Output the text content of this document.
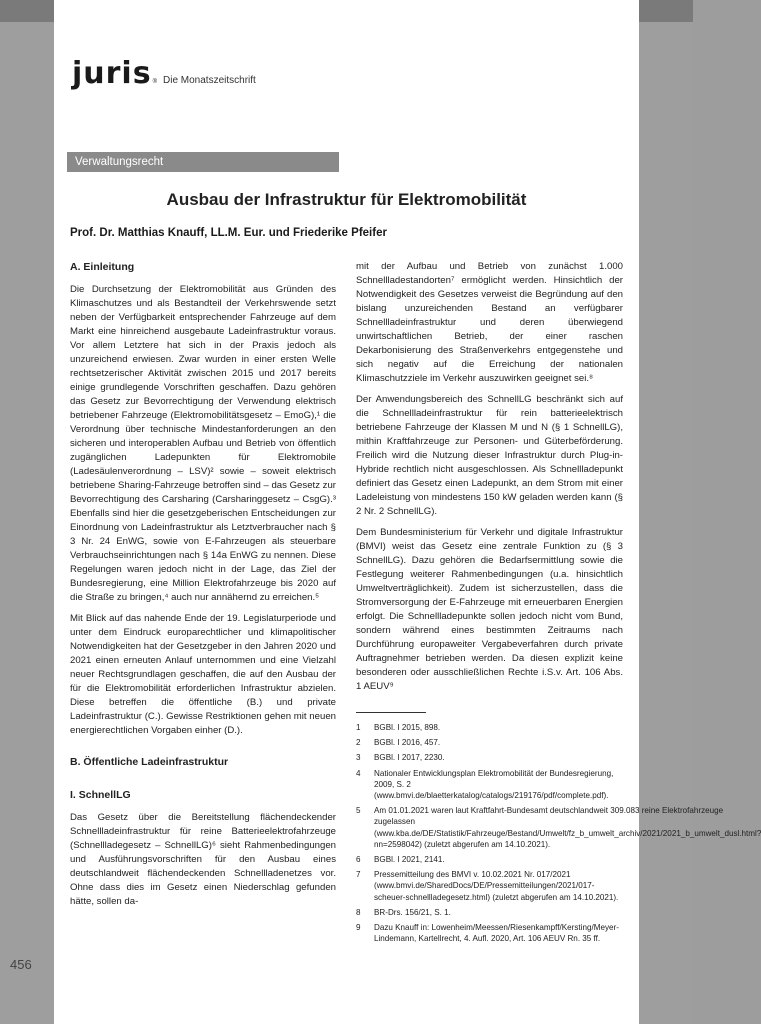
456
juris ® Die Monatszeitschrift
Verwaltungsrecht
Ausbau der Infrastruktur für Elektromobilität
Prof. Dr. Matthias Knauff, LL.M. Eur. und Friederike Pfeifer
A. Einleitung

Die Durchsetzung der Elektromobilität aus Gründen des Klimaschutzes und als Bestandteil der Verkehrswende setzt neben der Verfügbarkeit entsprechender Fahrzeuge auf dem Markt eine hinreichend ausgebaute Ladeinfrastruktur voraus. Vor allem Letztere hat sich in der Praxis jedoch als unzureichend erwiesen. Zwar wurden in einer ersten Welle rechtsetzerischer Aktivität zwischen 2015 und 2017 bereits einige grundlegende Vorschriften geschaffen. Dazu gehören das Gesetz zur Bevorrechtigung der Verwendung elektrisch betriebener Fahrzeuge (Elektromobilitätsgesetz – EmoG),¹ die Verordnung über technische Mindestanforderungen an den sicheren und interoperablen Aufbau und Betrieb von öffentlich zugänglichen Ladepunkten für Elektromobile (Ladesäulenverordnung – LSV)² sowie – soweit elektrisch betriebene Sharing-Fahrzeuge betroffen sind – das Gesetz zur Bevorrechtigung des Carsharing (Carsharinggesetz – CsgG).³ Ebenfalls sind hier die gesetzgeberischen Entscheidungen zur Einordnung von Ladeinfrastruktur als Letztverbraucher nach § 3 Nr. 24 EnWG, sowie von E-Fahrzeugen als steuerbare Verbrauchseinrichtungen nach § 14a EnWG zu nennen. Diese Regelungen waren jedoch nicht in der Lage, das Ziel der Bundesregierung, eine Million Elektrofahrzeuge bis 2020 auf die Straße zu bringen,⁴ auch nur annähernd zu erreichen.⁵

Mit Blick auf das nahende Ende der 19. Legislaturperiode und unter dem Eindruck europarechtlicher und klimapolitischer Notwendigkeiten hat der Gesetzgeber in den Jahren 2020 und 2021 einen erneuten Anlauf unternommen und eine Vielzahl neuer Rechtsgrundlagen geschaffen, die auf den Ausbau der für die Elektromobilität erforderlichen Infrastruktur abzielen. Diese betreffen die öffentliche (B.) und private Ladeinfrastruktur (C.). Gewisse Restriktionen gehen mit neuen energierechtlichen Vorgaben einher (D.).

B. Öffentliche Ladeinfrastruktur
I. SchnellLG

Das Gesetz über die Bereitstellung flächendeckender Schnellladeinfrastruktur für reine Batterieelektrofahrzeuge (Schnellladegesetz – SchnellLG)⁶ sieht Rahmenbedingungen und Ausführungsvorschriften für den Ausbau eines deutschlandweit flächendeckenden Schnellladenetzes vor. Ohne dass dies im Gesetz einen Niederschlag gefunden hätte, sollen da-

mit der Aufbau und Betrieb von zunächst 1.000 Schnellladestandorten⁷ ermöglicht werden. Hinsichtlich der Notwendigkeit des Gesetzes verweist die Begründung auf den bislang unzureichenden Bestand an verfügbarer Schnellladeinfrastruktur und deren überwiegend unwirtschaftlichen Betrieb, der einer raschen Dekarbonisierung des Straßenverkehrs entgegenstehe und sich negativ auf die Erreichung der nationalen Klimaschutzziele im Verkehr auszuwirken geeignet sei.⁸

Der Anwendungsbereich des SchnellLG beschränkt sich auf die Schnellladeinfrastruktur für rein batterieelektrisch betriebene Fahrzeuge der Klassen M und N (§ 1 SchnellLG), mithin Kraftfahrzeuge zur Personen- und Güterbeförderung. Freilich wird die Nutzung dieser Infrastruktur durch Plug-in-Hybride rechtlich nicht ausgeschlossen. Als Schnellladepunkt definiert das Gesetz einen Ladepunkt, an dem Strom mit einer Ladeleistung von mindestens 150 kW geladen werden kann (§ 2 Nr. 2 SchnellLG).

Dem Bundesministerium für Verkehr und digitale Infrastruktur (BMVI) weist das Gesetz eine zentrale Funktion zu (§ 3 SchnellLG). Dazu gehören die Bedarfsermittlung sowie die Festlegung weiterer Rahmenbedingungen (u.a. hinsichtlich Umweltverträglichkeit). Zudem ist sicherzustellen, dass die Stromversorgung der E-Fahrzeuge mit erneuerbaren Energien erfolgt. Die Schnellladepunkte sollen jedoch nicht vom Bund, sondern während eines bestimmten Zeitraums nach Durchführung europaweiter Vergabeverfahren durch private Auftragnehmer betrieben werden. Da diesen explizit keine besonderen oder ausschließlichen Rechte i.S.v. Art. 106 Abs. 1 AEUV⁹

1	BGBl. I 2015, 898.
2	BGBl. I 2016, 457.
3	BGBl. I 2017, 2230.
4	Nationaler Entwicklungsplan Elektromobilität der Bundesregierung, 2009, S. 2 (www.bmvi.de/blaetterkatalog/catalogs/219176/pdf/complete.pdf).
5	Am 01.01.2021 waren laut Kraftfahrt-Bundesamt deutschlandweit 309.083 reine Elektrofahrzeuge zugelassen (www.kba.de/DE/Statistik/Fahrzeuge/Bestand/Umwelt/fz_b_umwelt_archiv/2021/2021_b_umwelt_dusl.html?nn=2598042) (zuletzt abgerufen am 14.10.2021).
6	BGBl. I 2021, 2141.
7	Pressemitteilung des BMVI v. 10.02.2021 Nr. 017/2021 (www.bmvi.de/SharedDocs/DE/Pressemitteilungen/2021/017-scheuer-schnellladegesetz.html) (zuletzt abgerufen am 14.10.2021).
8	BR-Drs. 156/21, S. 1.
9	Dazu Knauff in: Lowenheim/Meessen/Riesenkampff/Kersting/Meyer-Lindemann, Kartellrecht, 4. Aufl. 2020, Art. 106 AEUV Rn. 35 ff.
